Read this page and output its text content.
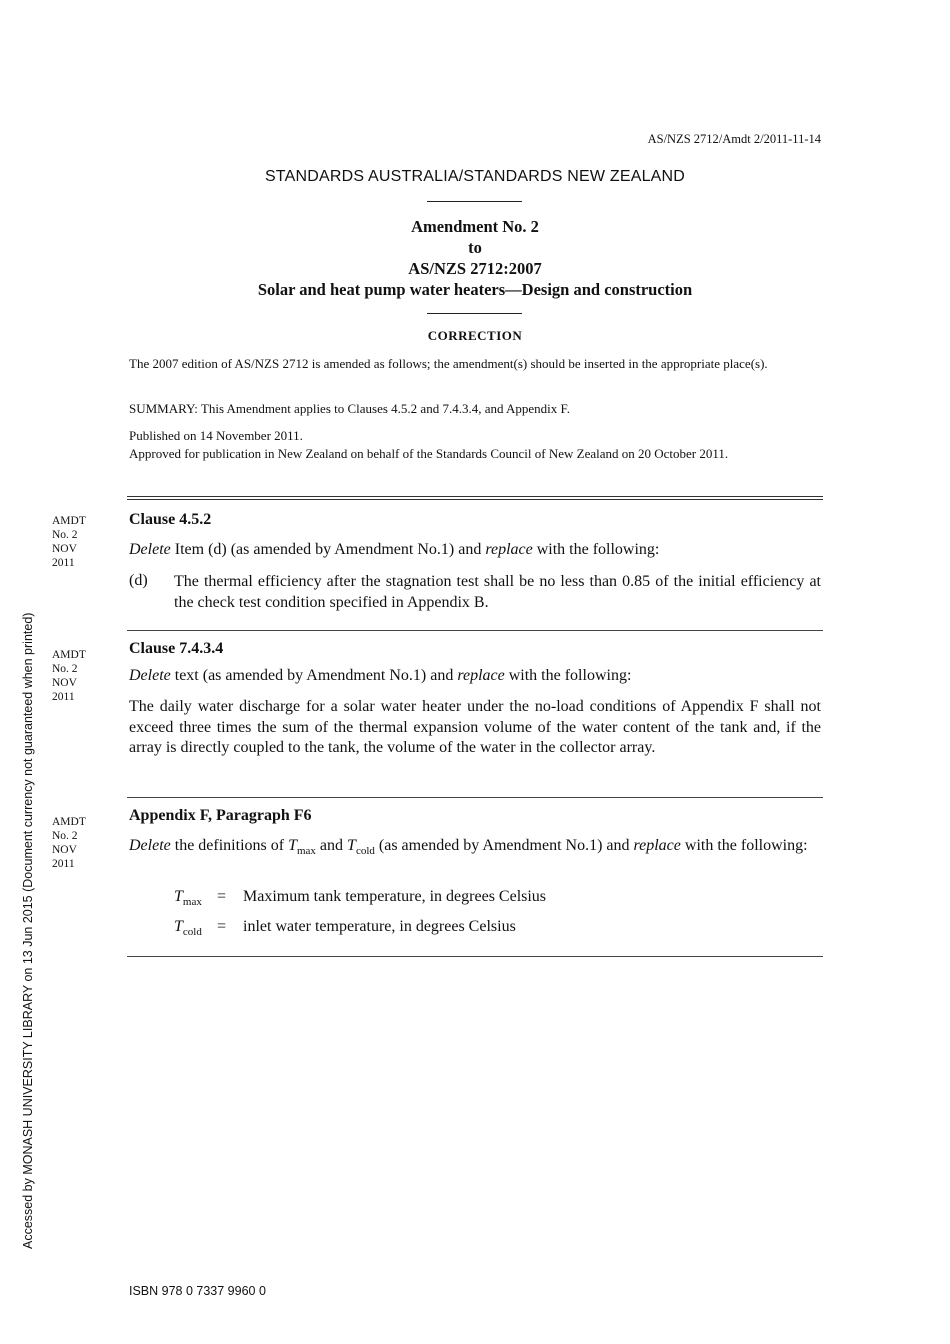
AS/NZS 2712/Amdt 2/2011-11-14
STANDARDS AUSTRALIA/STANDARDS NEW ZEALAND
Amendment No. 2
to
AS/NZS 2712:2007
Solar and heat pump water heaters—Design and construction
CORRECTION
The 2007 edition of AS/NZS 2712 is amended as follows; the amendment(s) should be inserted in the appropriate place(s).
SUMMARY: This Amendment applies to Clauses 4.5.2 and 7.4.3.4, and Appendix F.
Published on 14 November 2011.
Approved for publication in New Zealand on behalf of the Standards Council of New Zealand on 20 October 2011.
AMDT
No. 2
NOV
2011
Clause 4.5.2
Delete Item (d) (as amended by Amendment No.1) and replace with the following:
(d) The thermal efficiency after the stagnation test shall be no less than 0.85 of the initial efficiency at the check test condition specified in Appendix B.
AMDT
No. 2
NOV
2011
Clause 7.4.3.4
Delete text (as amended by Amendment No.1) and replace with the following:
The daily water discharge for a solar water heater under the no-load conditions of Appendix F shall not exceed three times the sum of the thermal expansion volume of the water content of the tank and, if the array is directly coupled to the tank, the volume of the water in the collector array.
AMDT
No. 2
NOV
2011
Appendix F, Paragraph F6
Delete the definitions of $T_{max}$ and $T_{cold}$ (as amended by Amendment No.1) and replace with the following:
$T_{max}$ = Maximum tank temperature, in degrees Celsius
$T_{cold}$ = inlet water temperature, in degrees Celsius
Accessed by MONASH UNIVERSITY LIBRARY on 13 Jun 2015 (Document currency not guaranteed when printed)
ISBN 978 0 7337 9960 0
